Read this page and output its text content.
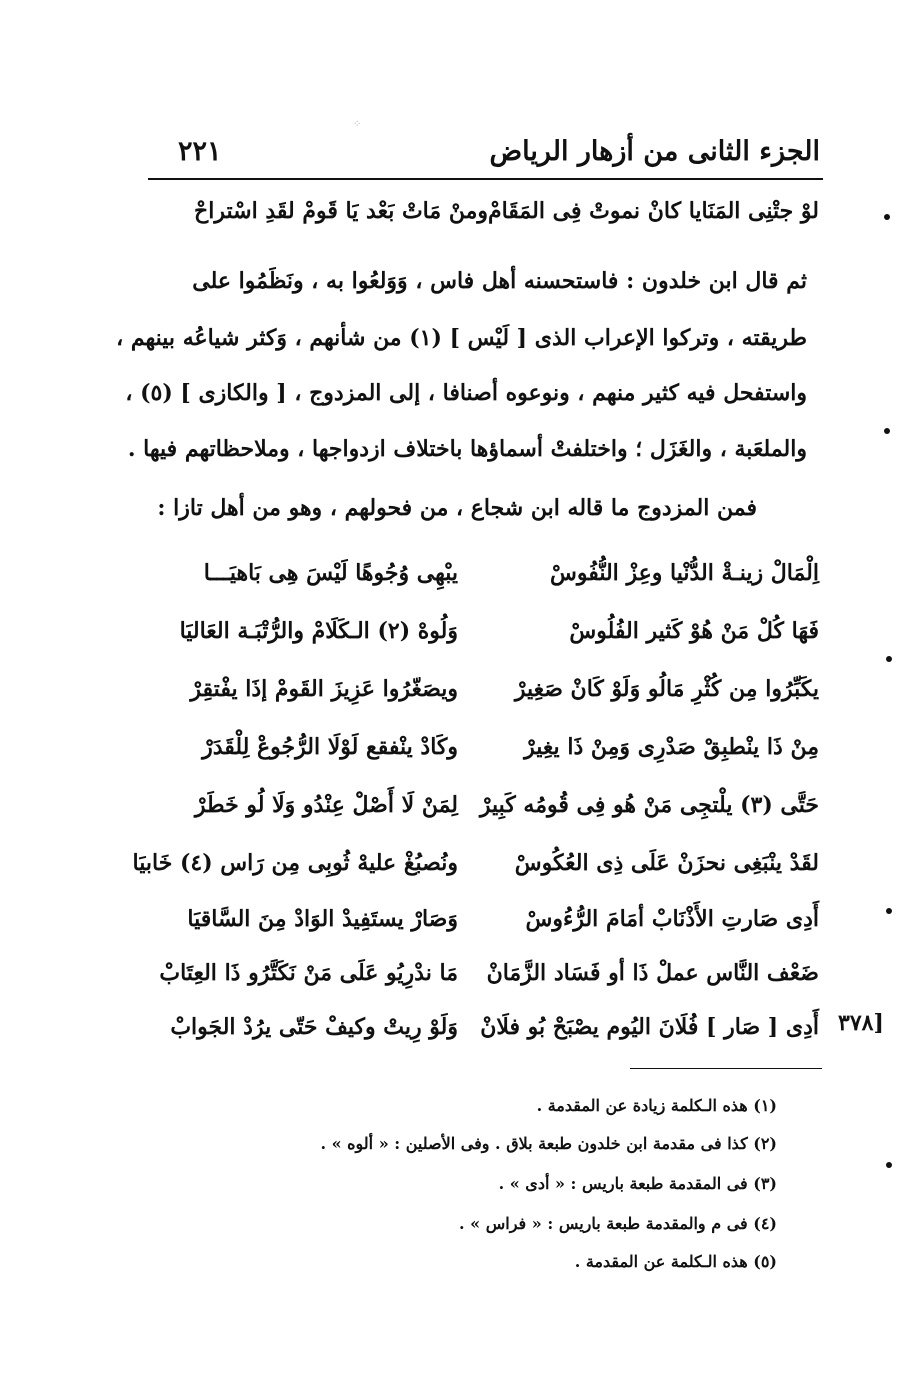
⁘
الجزء الثانى من أزهار الرياض
٢٢١
لوْ جتْنِى المَنَايا كانْ نموتْ فِى المَقَامْ
ومنْ مَاتْ بَعْد يَا قَومْ لقَدِ اسْتراحْ
ثم قال ابن خلدون : فاستحسنه أهل فاس ، وَوَلعُوا به ، ونَظَمُوا على
طريقته ، وتركوا الإعراب الذى [ لَيْس ] (١) من شأنهم ، وَكثر شياعُه بينهم ،
واستفحل فيه كثير منهم ، ونوعوه أصنافا ، إلى المزدوج ، [ والكازى ] (٥) ،
والملعَبة ، والغَزَل ؛ واختلفتْ أسماؤها باختلاف ازدواجها ، وملاحظاتهم فيها .
فمن المزدوج ما قاله ابن شجاع ، من فحولهم ، وهو من أهل تازا :
اِلْمَالْ زينـةْ الدُّنْيا وعِزْ النُّفُوسْ
يبْهِى وُجُوهًا لَيْسَ هِى بَاهيَـــا
فَهَا كُلْ مَنْ هُوْ كَثير الفُلُوسْ
وَلُوهْ (٢) الـكَلَامْ والرُّتْبَـة العَاليَا
يكَبِّرُوا مِن كُثْرِ مَالُو وَلَوْ كَانْ صَغِيرْ
ويصَغّرُوا عَزِيزَ القَومْ إذَا يفْتقِرْ
مِنْ ذَا ينْطبِقْ صَدْرِى وَمِنْ ذَا يغِيرْ
وكَادْ ينْفقع لَوْلَا الرُّجُوعْ لِلْقَدَرْ
حَتَّى (٣) يلْتجِى مَنْ هُو فِى قُومُه كَبِيرْ
لِمَنْ لَا أَصْلْ عِنْدُو وَلَا لُو خَطَرْ
لقَدْ ينْبَغِى نحزَنْ عَلَى ذِى العُكُوسْ
ونُصبُغْ عليهْ ثُوبِى مِن رَاس (٤) خَابيَا
أَدِى صَارتِ الأَذْنَابْ أمَامَ الرُّءُوسْ
وَصَارْ يستَفِيدْ الوَادْ مِنَ السَّاقيَا
ضَعْف النَّاس عملْ ذَا أو فَسَاد الزَّمَانْ
مَا ندْرِيُو عَلَى مَنْ نَكَتَّرُو ذَا العِتَابْ
أَدِى [ صَار ] فُلَانَ اليُوم يصْبَحْ بُو فلَانْ
وَلَوْ رِيتْ وكيفْ حَتّى يرُدْ الجَوابْ	[٣٧٨
(١) هذه الـكلمة زيادة عن المقدمة .
(٢) كذا فى مقدمة ابن خلدون طبعة بلاق . وفى الأصلين : « ألوه » .
(٣) فى المقدمة طبعة باريس : « أدى » .
(٤) فى م والمقدمة طبعة باريس : « فراس » .
(٥) هذه الـكلمة عن المقدمة .
